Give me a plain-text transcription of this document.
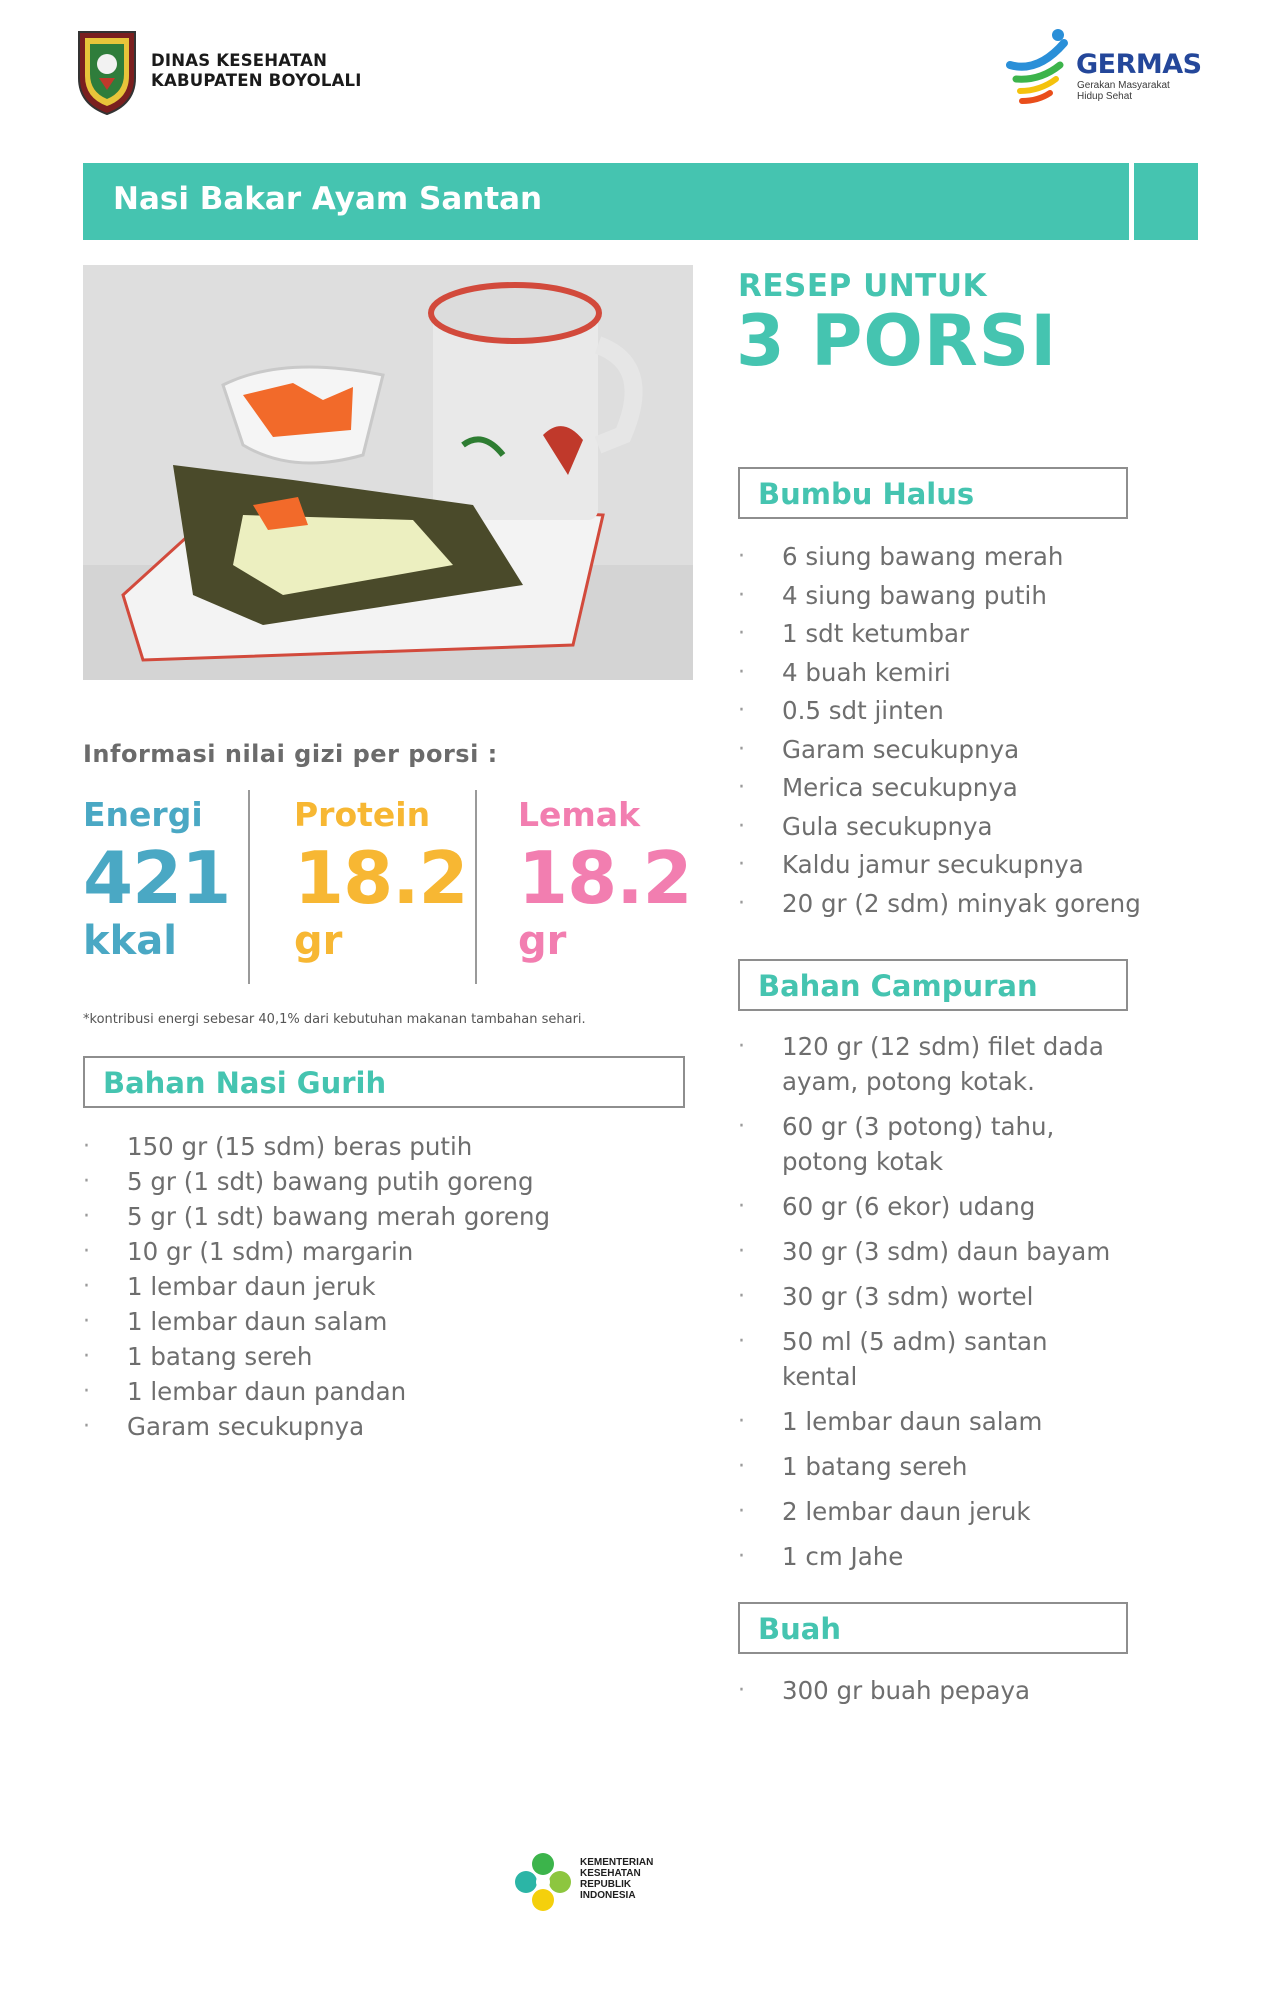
DINAS KESEHATAN
KABUPATEN BOYOLALI
GERMAS
Gerakan Masyarakat
Hidup Sehat
Nasi Bakar Ayam Santan
RESEP UNTUK
3 PORSI
Informasi nilai gizi per porsi :
Energi
421
kkal
Protein
18.2
gr
Lemak
18.2
gr
*kontribusi energi sebesar 40,1% dari kebutuhan makanan tambahan sehari.
Bahan Nasi Gurih
· 150 gr (15 sdm) beras putih
· 5 gr (1 sdt) bawang putih goreng
· 5 gr (1 sdt) bawang merah goreng
· 10 gr (1 sdm) margarin
· 1 lembar daun jeruk
· 1 lembar daun salam
· 1 batang sereh
· 1 lembar daun pandan
· Garam secukupnya
Bumbu Halus
· 6 siung bawang merah
· 4 siung bawang putih
· 1 sdt ketumbar
· 4 buah kemiri
· 0.5 sdt jinten
· Garam secukupnya
· Merica secukupnya
· Gula secukupnya
· Kaldu jamur secukupnya
· 20 gr (2 sdm) minyak goreng
Bahan Campuran
· 120 gr (12 sdm) filet dada
ayam, potong kotak.
· 60 gr (3 potong) tahu,
potong kotak
· 60 gr (6 ekor) udang
· 30 gr (3 sdm) daun bayam
· 30 gr (3 sdm) wortel
· 50 ml (5 adm) santan
kental
· 1 lembar daun salam
· 1 batang sereh
· 2 lembar daun jeruk
· 1 cm Jahe
Buah
· 300 gr buah pepaya
KEMENTERIAN
KESEHATAN
REPUBLIK
INDONESIA
